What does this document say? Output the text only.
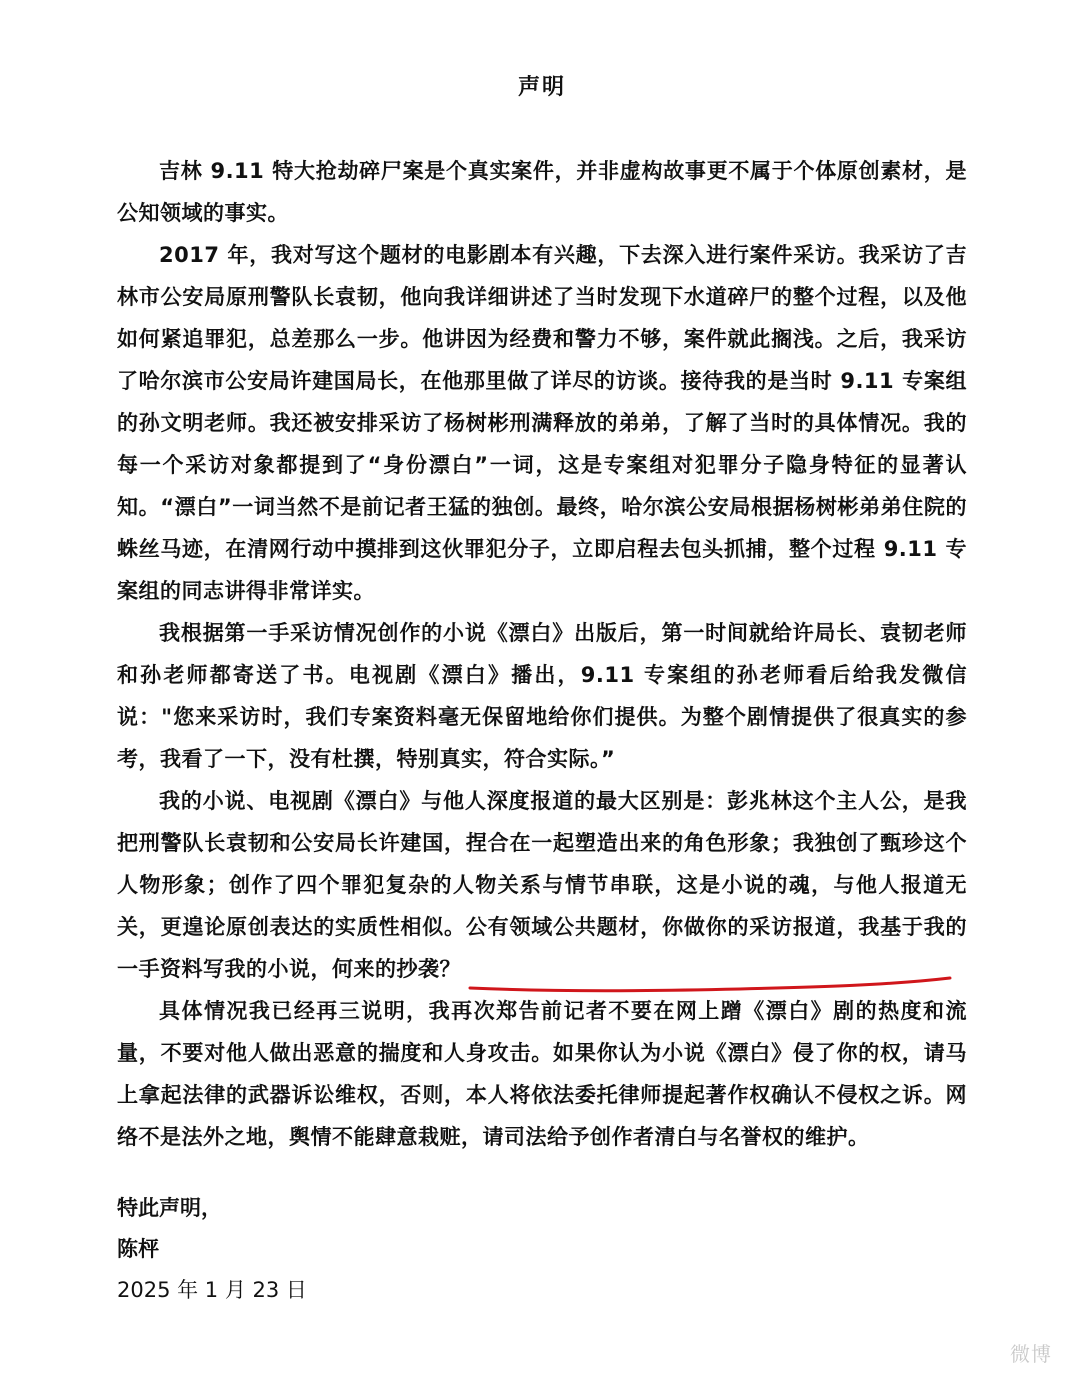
声明

吉林 9.11 特大抢劫碎尸案是个真实案件，并非虚构故事更不属于个体原创素材，是公知领域的事实。

2017 年，我对写这个题材的电影剧本有兴趣，下去深入进行案件采访。我采访了吉林市公安局原刑警队长袁韧，他向我详细讲述了当时发现下水道碎尸的整个过程，以及他如何紧追罪犯，总差那么一步。他讲因为经费和警力不够，案件就此搁浅。之后，我采访了哈尔滨市公安局许建国局长，在他那里做了详尽的访谈。接待我的是当时 9.11 专案组的孙文明老师。我还被安排采访了杨树彬刑满释放的弟弟，了解了当时的具体情况。我的每一个采访对象都提到了“身份漂白”一词，这是专案组对犯罪分子隐身特征的显著认知。“漂白”一词当然不是前记者王猛的独创。最终，哈尔滨公安局根据杨树彬弟弟住院的蛛丝马迹，在清网行动中摸排到这伙罪犯分子，立即启程去包头抓捕，整个过程 9.11 专案组的同志讲得非常详实。

我根据第一手采访情况创作的小说《漂白》出版后，第一时间就给许局长、袁韧老师和孙老师都寄送了书。电视剧《漂白》播出，9.11 专案组的孙老师看后给我发微信说："您来采访时，我们专案资料毫无保留地给你们提供。为整个剧情提供了很真实的参考，我看了一下，没有杜撰，特别真实，符合实际。”

我的小说、电视剧《漂白》与他人深度报道的最大区别是：彭兆林这个主人公，是我把刑警队长袁韧和公安局长许建国，捏合在一起塑造出来的角色形象；我独创了甄珍这个人物形象；创作了四个罪犯复杂的人物关系与情节串联，这是小说的魂，与他人报道无关，更遑论原创表达的实质性相似。公有领域公共题材，你做你的采访报道，我基于我的一手资料写我的小说，何来的抄袭？

具体情况我已经再三说明，我再次郑告前记者不要在网上蹭《漂白》剧的热度和流量，不要对他人做出恶意的揣度和人身攻击。如果你认为小说《漂白》侵了你的权，请马上拿起法律的武器诉讼维权，否则，本人将依法委托律师提起著作权确认不侵权之诉。网络不是法外之地，舆情不能肆意栽赃，请司法给予创作者清白与名誉权的维护。

特此声明，
陈枰
2025 年 1 月 23 日
微博
